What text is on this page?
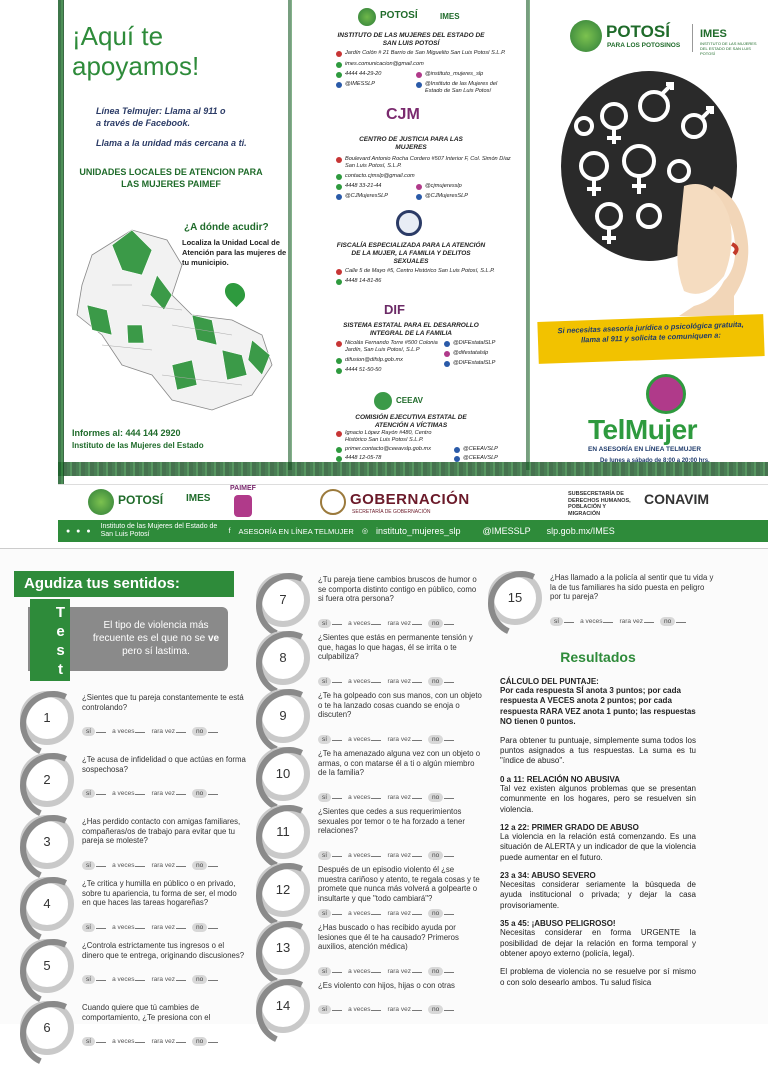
¡Aquí te apoyamos!
Línea Telmujer: Llama al 911 o
a través de Facebook.
Llama a la unidad más cercana a ti.
UNIDADES LOCALES DE ATENCION PARA LAS MUJERES PAIMEF
¿A dónde acudir?
Localiza la Unidad Local de Atención para las mujeres de tu municipio.
Informes al: 444 144 2920
Instituto de las Mujeres del Estado
POTOSÍ	IMES
INSTITUTO DE LAS MUJERES DEL ESTADO DE SAN LUIS POTOSÍ
Jardín Colón # 21 Barrio de San Miguelito San Luis Potosí S.L.P.
imes.comunicacion@gmail.com
4444 44-29-20
@IMESSLP
@instituto_mujeres_slp
@Instituto de las Mujeres del Estado de San Luis Potosí
CJM
CENTRO DE JUSTICIA PARA LAS MUJERES
Boulevard Antonio Rocha Cordero #507 Interior F, Col. Simón Díaz San Luis Potosí, S.L.P.
contacto.cjmslp@gmail.com
4448 33-21-44
@CJMujeresSLP
@cjmujeresslp
@CJMujeresSLP
FISCALÍA ESPECIALIZADA PARA LA ATENCIÓN DE LA MUJER, LA FAMILIA Y DELITOS SEXUALES
Calle 5 de Mayo #5, Centro Histórico San Luis Potosí, S.L.P.
4448 14-81-86
DIF
SISTEMA ESTATAL PARA EL DESARROLLO INTEGRAL DE LA FAMILIA
Nicolás Fernando Torre #500 Colonia Jardín, San Luis Potosí, S.L.P
difusion@difslp.gob.mx
4444 51-50-50
@DIFEstatalSLP
@difestatalslp
@DIFEstatalSLP
CEEAV
COMISIÓN EJECUTIVA ESTATAL DE ATENCIÓN A VÍCTIMAS
Ignacio López Rayón #480, Centro Histórico San Luis Potosí S.L.P.
primer.contacto@ceeavslp.gob.mx
4448 12-05-78
@CEEAVSLP
@CEEAVSLP
POTOSÍ
PARA LOS POTOSINOS
IMES
INSTITUTO DE LAS MUJERES DEL ESTADO DE SAN LUIS POTOSÍ
Si necesitas asesoría jurídica o psicológica gratuita, llama al 911 y solicita te comuniquen a:
TelMujer
EN ASESORÍA EN LÍNEA TELMUJER
De lunes a sábado de 8:00 a 20:00 hrs.
POTOSÍ IMES
PAIMEF
GOBERNACIÓN
SECRETARÍA DE GOBERNACIÓN
SUBSECRETARÍA DE DERECHOS HUMANOS, POBLACIÓN Y MIGRACIÓN
CONAVIM
● ● ●
Instituto de las Mujeres del Estado de San Luis Potosí	f ASESORÍA EN LÍNEA TELMUJER ◎ instituto_mujeres_slp @IMESSLP slp.gob.mx/IMES
Agudiza tus sentidos:
El tipo de violencia más frecuente es el que no se ve pero sí lastima.
Test
1
¿Sientes que tu pareja constantemente te está controlando?
sí	a veces	rara vez	no
2
¿Te acusa de infidelidad o que actúas en forma sospechosa?
sí	a veces	rara vez	no
3
¿Has perdido contacto con amigas familiares, compañeras/os de trabajo para evitar que tu pareja se moleste?
sí	a veces	rara vez	no
4
¿Te critica y humilla en público o en privado, sobre tu apariencia, tu forma de ser, el modo en que haces las tareas hogareñas?
sí	a veces	rara vez	no
5
¿Controla estrictamente tus ingresos o el dinero que te entrega, originando discusiones?
sí	a veces	rara vez	no
6
Cuando quiere que tú cambies de comportamiento, ¿Te presiona con el
sí	a veces	rara vez	no
7
¿Tu pareja tiene cambios bruscos de humor o se comporta distinto contigo en público, como si fuera otra persona?
sí	a veces	rara vez	no
8
¿Sientes que estás en permanente tensión y que, hagas lo que hagas, él se irrita o te culpabiliza?
sí	a veces	rara vez	no
9
¿Te ha golpeado con sus manos, con un objeto o te ha lanzado cosas cuando se enoja o discuten?
sí	a veces	rara vez	no
10
¿Te ha amenazado alguna vez con un objeto o armas, o con matarse él a ti o algún miembro de la familia?
sí	a veces	rara vez	no
11
¿Sientes que cedes a sus requerimientos sexuales por temor o te ha forzado a tener relaciones?
sí	a veces	rara vez	no
12
Después de un episodio violento él ¿se muestra cariñoso y atento, te regala cosas y te promete que nunca más volverá a golpearte o insultarte y que "todo cambiará"?
sí	a veces	rara vez	no
13
¿Has buscado o has recibido ayuda por lesiones que él te ha causado? Primeros auxilios, atención médica)
sí	a veces	rara vez	no
14
¿Es violento con hijos, hijas o con otras
sí	a veces	rara vez	no
15
¿Has llamado a la policía al sentir que tu vida y la de tus familiares ha sido puesta en peligro por tu pareja?
sí	a veces	rara vez	no
Resultados
CÁLCULO DEL PUNTAJE:
Por cada respuesta SÍ anota 3 puntos; por cada respuesta A VECES anota 2 puntos; por cada respuesta RARA VEZ anota 1 punto; las respuestas NO tienen 0 puntos.
Para obtener tu puntuaje, simplemente suma todos los puntos asignados a tus respuestas. La suma es tu "índice de abuso".
0 a 11: RELACIÓN NO ABUSIVA
Tal vez existen algunos problemas que se presentan comunmente en los hogares, pero se resuelven sin violencia.
12 a 22: PRIMER GRADO DE ABUSO
La violencia en la relación está comenzando. Es una situación de ALERTA y un indicador de que la violencia puede aumentar en el futuro.
23 a 34: ABUSO SEVERO
Necesitas considerar seriamente la búsqueda de ayuda institucional o privada; y dejar la casa provisoriamente.
35 a 45: ¡ABUSO PELIGROSO!
Necesitas considerar en forma URGENTE la posibilidad de dejar la relación en forma temporal y obtener apoyo externo (policía, legal).
El problema de violencia no se resuelve por sí mismo o con solo desearlo ambos. Tu salud física
